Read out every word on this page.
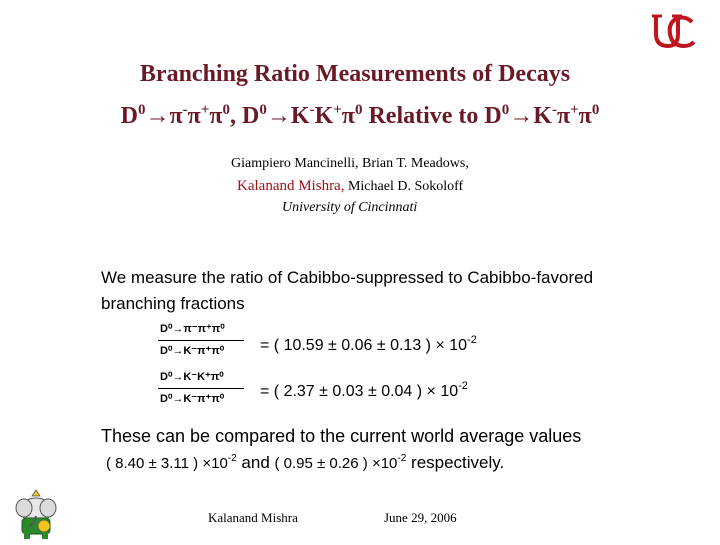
Branching Ratio Measurements of Decays
$D^0\to\pi^-\pi^+\pi^0$, $D^0\to K^-K^+\pi^0$ Relative to $D^0\to K^-\pi^+\pi^0$
Giampiero Mancinelli, Brian T. Meadows,
Kalanand Mishra, Michael D. Sokoloff
University of Cincinnati
We measure the ratio of Cabibbo-suppressed to Cabibbo-favored branching fractions
D⁰→π⁻π⁺π⁰
D⁰→K⁻π⁺π⁰ = ( 10.59 ± 0.06 ± 0.13 ) × $10^{-2}$
D⁰→K⁻K⁺π⁰
D⁰→K⁻π⁺π⁰ = ( 2.37 ± 0.03 ± 0.04 ) × $10^{-2}$
These can be compared to the current world average values
( 8.40 ± 3.11 ) $\times 10^{-2}$ and ( 0.95 ± 0.26 ) $\times 10^{-2}$ respectively.
Kalanand Mishra	June 29, 2006
